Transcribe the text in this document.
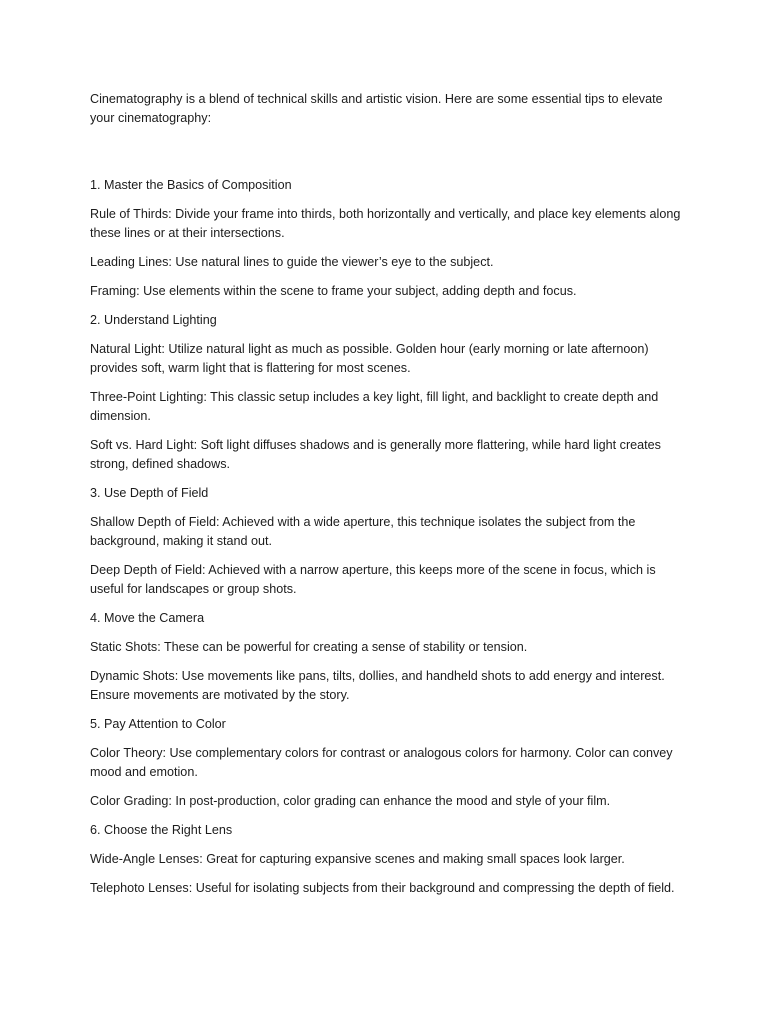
Cinematography is a blend of technical skills and artistic vision. Here are some essential tips to elevate your cinematography:

1. Master the Basics of Composition

Rule of Thirds: Divide your frame into thirds, both horizontally and vertically, and place key elements along these lines or at their intersections.

Leading Lines: Use natural lines to guide the viewer’s eye to the subject.

Framing: Use elements within the scene to frame your subject, adding depth and focus.

2. Understand Lighting

Natural Light: Utilize natural light as much as possible. Golden hour (early morning or late afternoon) provides soft, warm light that is flattering for most scenes.

Three-Point Lighting: This classic setup includes a key light, fill light, and backlight to create depth and dimension.

Soft vs. Hard Light: Soft light diffuses shadows and is generally more flattering, while hard light creates strong, defined shadows.

3. Use Depth of Field

Shallow Depth of Field: Achieved with a wide aperture, this technique isolates the subject from the background, making it stand out.

Deep Depth of Field: Achieved with a narrow aperture, this keeps more of the scene in focus, which is useful for landscapes or group shots.

4. Move the Camera

Static Shots: These can be powerful for creating a sense of stability or tension.

Dynamic Shots: Use movements like pans, tilts, dollies, and handheld shots to add energy and interest. Ensure movements are motivated by the story.

5. Pay Attention to Color

Color Theory: Use complementary colors for contrast or analogous colors for harmony. Color can convey mood and emotion.

Color Grading: In post-production, color grading can enhance the mood and style of your film.

6. Choose the Right Lens

Wide-Angle Lenses: Great for capturing expansive scenes and making small spaces look larger.

Telephoto Lenses: Useful for isolating subjects from their background and compressing the depth of field.
